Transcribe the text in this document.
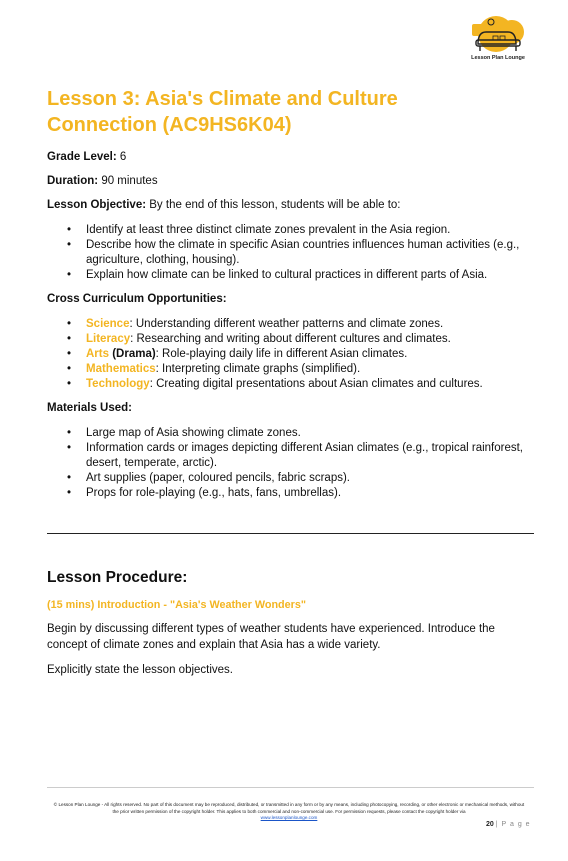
Lesson Plan Lounge
Lesson 3: Asia's Climate and Culture Connection (AC9HS6K04)

Grade Level: 6

Duration: 90 minutes

Lesson Objective: By the end of this lesson, students will be able to:

• Identify at least three distinct climate zones prevalent in the Asia region.
• Describe how the climate in specific Asian countries influences human activities (e.g., agriculture, clothing, housing).
• Explain how climate can be linked to cultural practices in different parts of Asia.

Cross Curriculum Opportunities:

• Science: Understanding different weather patterns and climate zones.
• Literacy: Researching and writing about different cultures and climates.
• Arts (Drama): Role-playing daily life in different Asian climates.
• Mathematics: Interpreting climate graphs (simplified).
• Technology: Creating digital presentations about Asian climates and cultures.

Materials Used:

• Large map of Asia showing climate zones.
• Information cards or images depicting different Asian climates (e.g., tropical rainforest, desert, temperate, arctic).
• Art supplies (paper, coloured pencils, fabric scraps).
• Props for role-playing (e.g., hats, fans, umbrellas).
Lesson Procedure:
(15 mins) Introduction - "Asia's Weather Wonders"

Begin by discussing different types of weather students have experienced. Introduce the concept of climate zones and explain that Asia has a wide variety.

Explicitly state the lesson objectives.

© Lesson Plan Lounge - All rights reserved. No part of this document may be reproduced, distributed, or transmitted in any form or by any means, including photocopying, recording, or other electronic or mechanical methods, without the prior written permission of the copyright holder. This applies to both commercial and non-commercial use. For permission requests, please contact the copyright holder via
www.lessonplanlounge.com
20 | P a g e
